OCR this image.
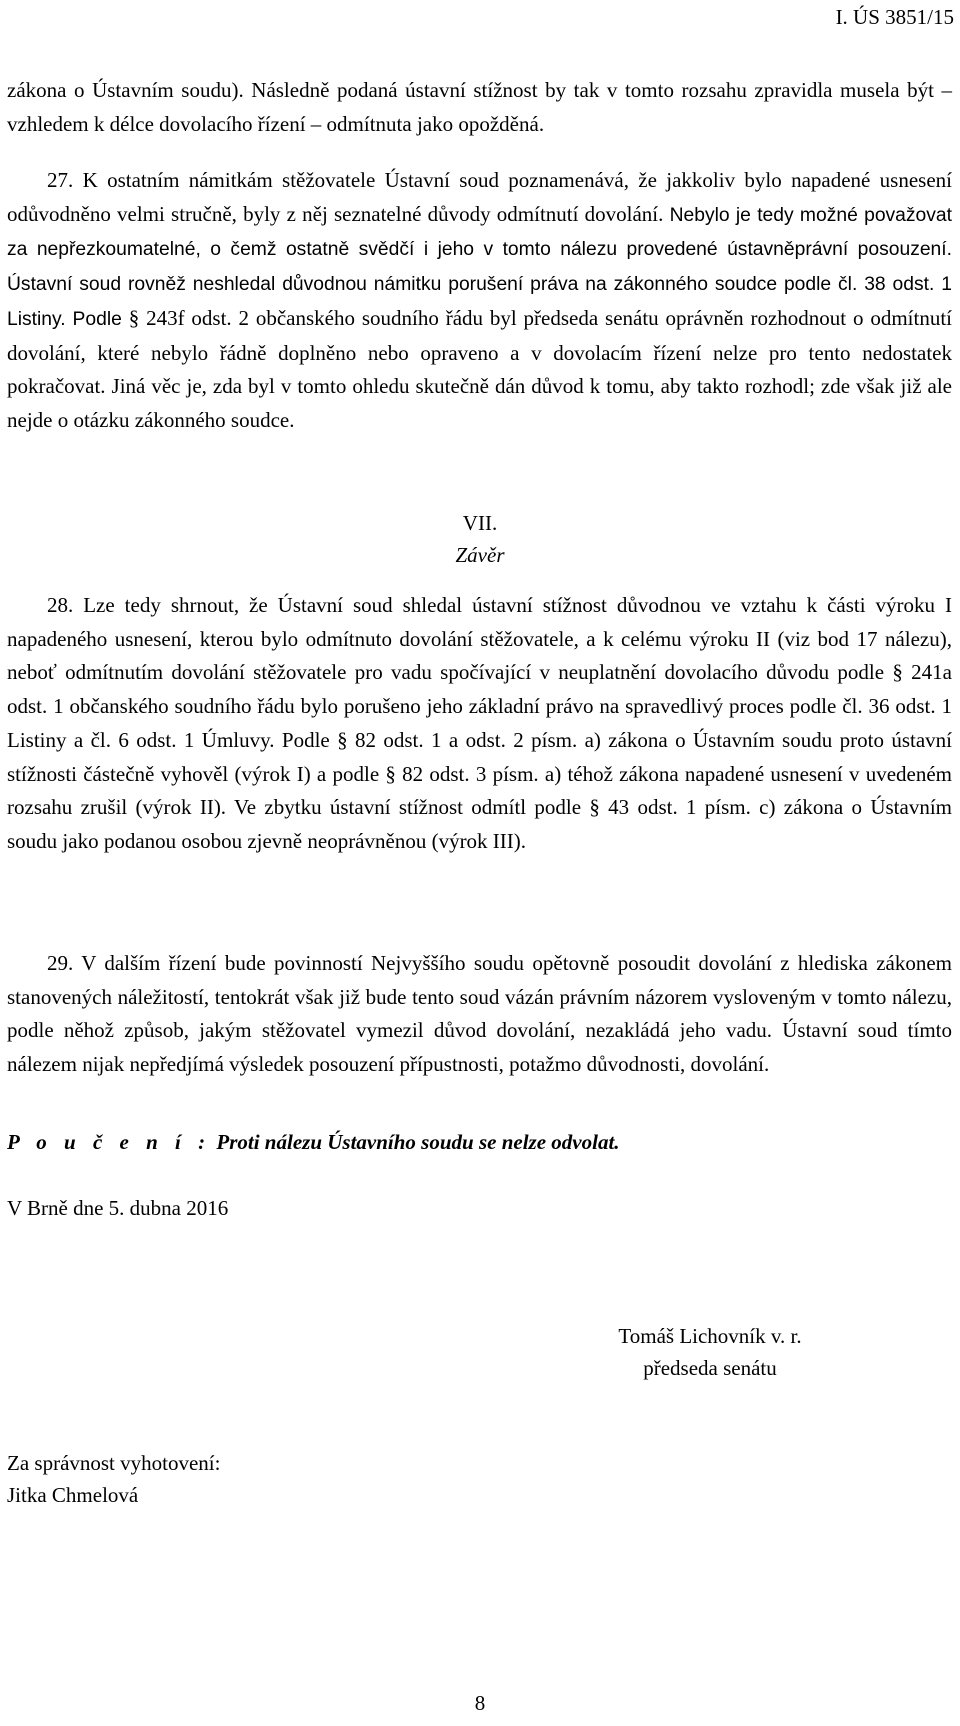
I. ÚS 3851/15
zákona o Ústavním soudu). Následně podaná ústavní stížnost by tak v tomto rozsahu zpravidla musela být – vzhledem k délce dovolacího řízení – odmítnuta jako opožděná.
27. K ostatním námitkám stěžovatele Ústavní soud poznamenává, že jakkoliv bylo napadené usnesení odůvodněno velmi stručně, byly z něj seznatelné důvody odmítnutí dovolání. Nebylo je tedy možné považovat za nepřezkoumatelné, o čemž ostatně svědčí i jeho v tomto nálezu provedené ústavněprávní posouzení. Ústavní soud rovněž neshledal důvodnou námitku porušení práva na zákonného soudce podle čl. 38 odst. 1 Listiny. Podle § 243f odst. 2 občanského soudního řádu byl předseda senátu oprávněn rozhodnout o odmítnutí dovolání, které nebylo řádně doplněno nebo opraveno a v dovolacím řízení nelze pro tento nedostatek pokračovat. Jiná věc je, zda byl v tomto ohledu skutečně dán důvod k tomu, aby takto rozhodl; zde však již ale nejde o otázku zákonného soudce.
VII.
Závěr
28. Lze tedy shrnout, že Ústavní soud shledal ústavní stížnost důvodnou ve vztahu k části výroku I napadeného usnesení, kterou bylo odmítnuto dovolání stěžovatele, a k celému výroku II (viz bod 17 nálezu), neboť odmítnutím dovolání stěžovatele pro vadu spočívající v neuplatnění dovolacího důvodu podle § 241a odst. 1 občanského soudního řádu bylo porušeno jeho základní právo na spravedlivý proces podle čl. 36 odst. 1 Listiny a čl. 6 odst. 1 Úmluvy. Podle § 82 odst. 1 a odst. 2 písm. a) zákona o Ústavním soudu proto ústavní stížnosti částečně vyhověl (výrok I) a podle § 82 odst. 3 písm. a) téhož zákona napadené usnesení v uvedeném rozsahu zrušil (výrok II). Ve zbytku ústavní stížnost odmítl podle § 43 odst. 1 písm. c) zákona o Ústavním soudu jako podanou osobou zjevně neoprávněnou (výrok III).
29. V dalším řízení bude povinností Nejvyššího soudu opětovně posoudit dovolání z hlediska zákonem stanovených náležitostí, tentokrát však již bude tento soud vázán právním názorem vysloveným v tomto nálezu, podle něhož způsob, jakým stěžovatel vymezil důvod dovolání, nezakládá jeho vadu. Ústavní soud tímto nálezem nijak nepředjímá výsledek posouzení přípustnosti, potažmo důvodnosti, dovolání.
P o u č e n í : Proti nálezu Ústavního soudu se nelze odvolat.
V Brně dne 5. dubna 2016
Tomáš Lichovník v. r.
předseda senátu
Za správnost vyhotovení:
Jitka Chmelová
8
